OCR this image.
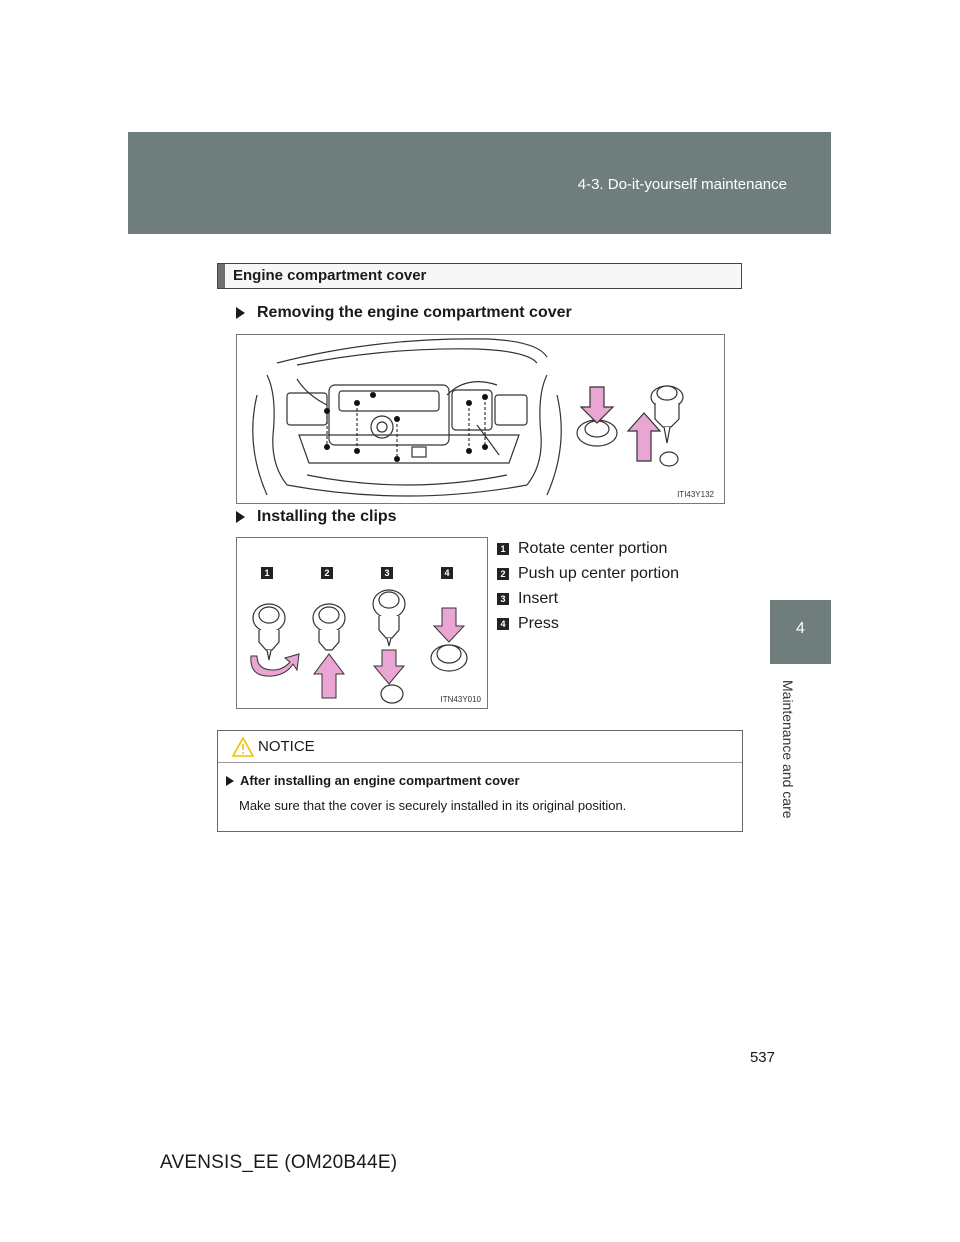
4-3. Do-it-yourself maintenance
4
Maintenance and care
Engine compartment cover
Removing the engine compartment cover
ITI43Y132
Installing the clips
1	2	3	4
ITN43Y010
1 Rotate center portion
2 Push up center portion
3 Insert
4 Press
NOTICE
After installing an engine compartment cover
Make sure that the cover is securely installed in its original position.
537
AVENSIS_EE (OM20B44E)
